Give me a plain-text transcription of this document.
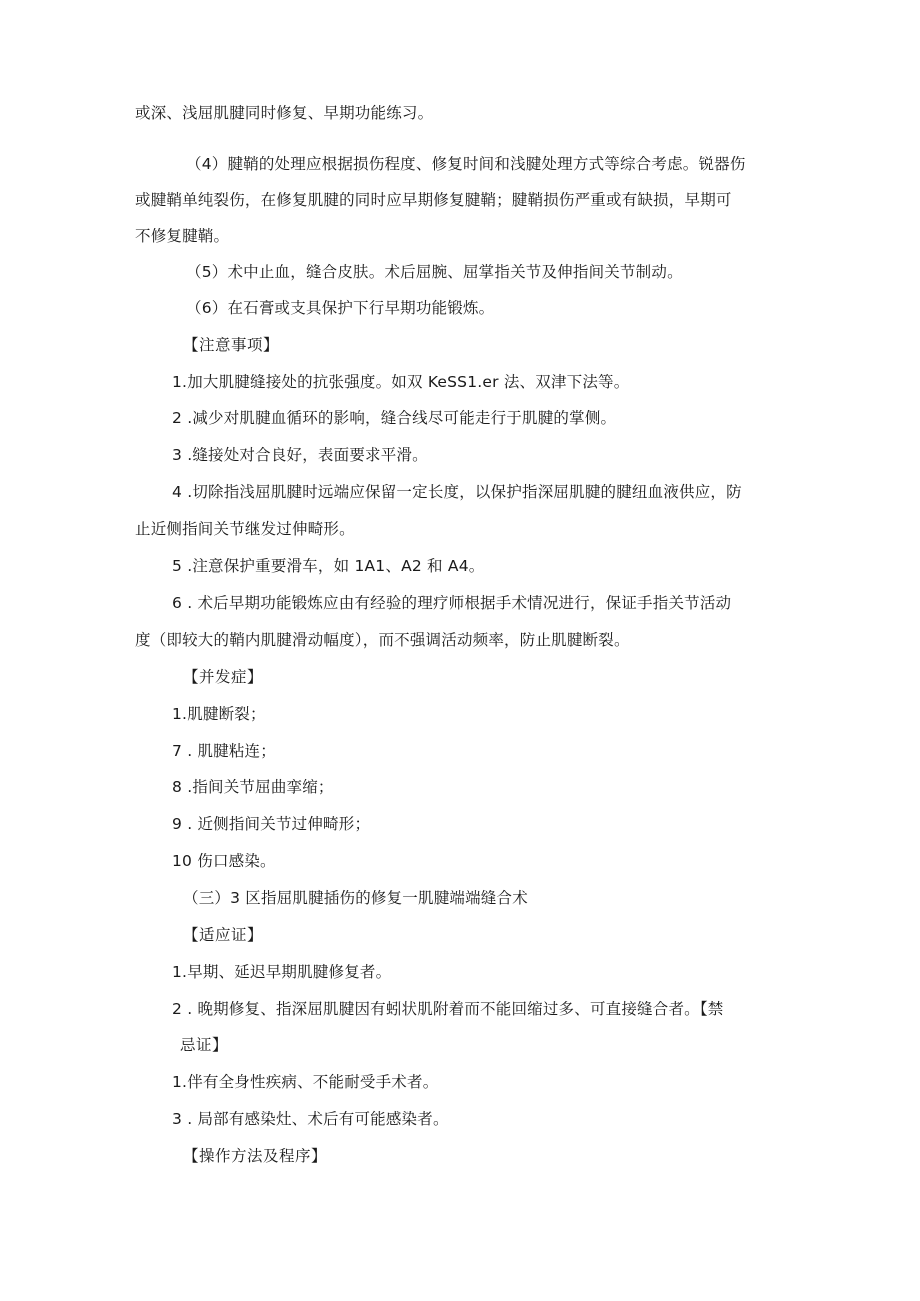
或深、浅屈肌腱同时修复、早期功能练习。
（4）腱鞘的处理应根据损伤程度、修复时间和浅腱处理方式等综合考虑。锐器伤
或腱鞘单纯裂伤，在修复肌腱的同时应早期修复腱鞘；腱鞘损伤严重或有缺损，早期可
不修复腱鞘。
（5）术中止血，缝合皮肤。术后屈腕、屈掌指关节及伸指间关节制动。
（6）在石膏或支具保护下行早期功能锻炼。
【注意事项】
1.加大肌腱缝接处的抗张强度。如双 KeSS1.er 法、双津下法等。
2 .减少对肌腱血循环的影响，缝合线尽可能走行于肌腱的掌侧。
3 .缝接处对合良好，表面要求平滑。
4 .切除指浅屈肌腱时远端应保留一定长度，以保护指深屈肌腱的腱纽血液供应，防
止近侧指间关节继发过伸畸形。
5 .注意保护重要滑车，如 1A1、A2 和 A4。
6 . 术后早期功能锻炼应由有经验的理疗师根据手术情况进行，保证手指关节活动
度（即较大的鞘内肌腱滑动幅度），而不强调活动频率，防止肌腱断裂。
【并发症】
1.肌腱断裂；
7 . 肌腱粘连；
8 .指间关节屈曲挛缩；
9 . 近侧指间关节过伸畸形；
10 伤口感染。
（三）3 区指屈肌腱插伤的修复一肌腱端端缝合术
【适应证】
1.早期、延迟早期肌腱修复者。
2 . 晚期修复、指深屈肌腱因有蚓状肌附着而不能回缩过多、可直接缝合者。【禁
忌证】
1.伴有全身性疾病、不能耐受手术者。
3 . 局部有感染灶、术后有可能感染者。
【操作方法及程序】
